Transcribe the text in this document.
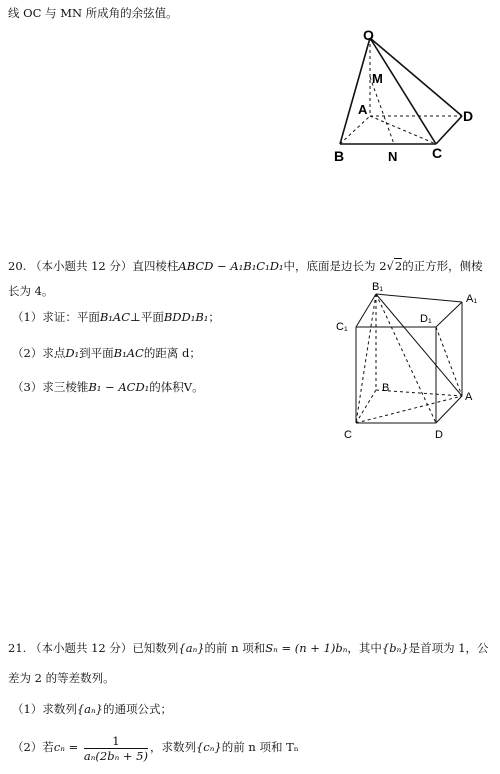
线 OC 与 MN 所成角的余弦值。
O
M
A	D
B	N C
20. （本小题共 12 分）直四棱柱ABCD − A₁B₁C₁D₁中，底面是边长为 2√2的正方形，侧棱
长为 4。
（1）求证：平面B₁AC⊥平面BDD₁B₁；
（2）求点D₁到平面B₁AC的距离 d；
（3）求三棱锥B₁ − ACD₁的体积V。
B₁
A₁
C₁
D₁
B
A
C	D
21. （本小题共 12 分）已知数列{aₙ}的前 n 项和Sₙ = (n + 1)bₙ，其中{bₙ}是首项为 1，公
差为 2 的等差数列。
（1）求数列{aₙ}的通项公式；
（2）若$c_n = \frac{1}{\text{aₙ(2bₙ + 5)}}$ ，求数列{cₙ}的前 n 项和 Tₙ
